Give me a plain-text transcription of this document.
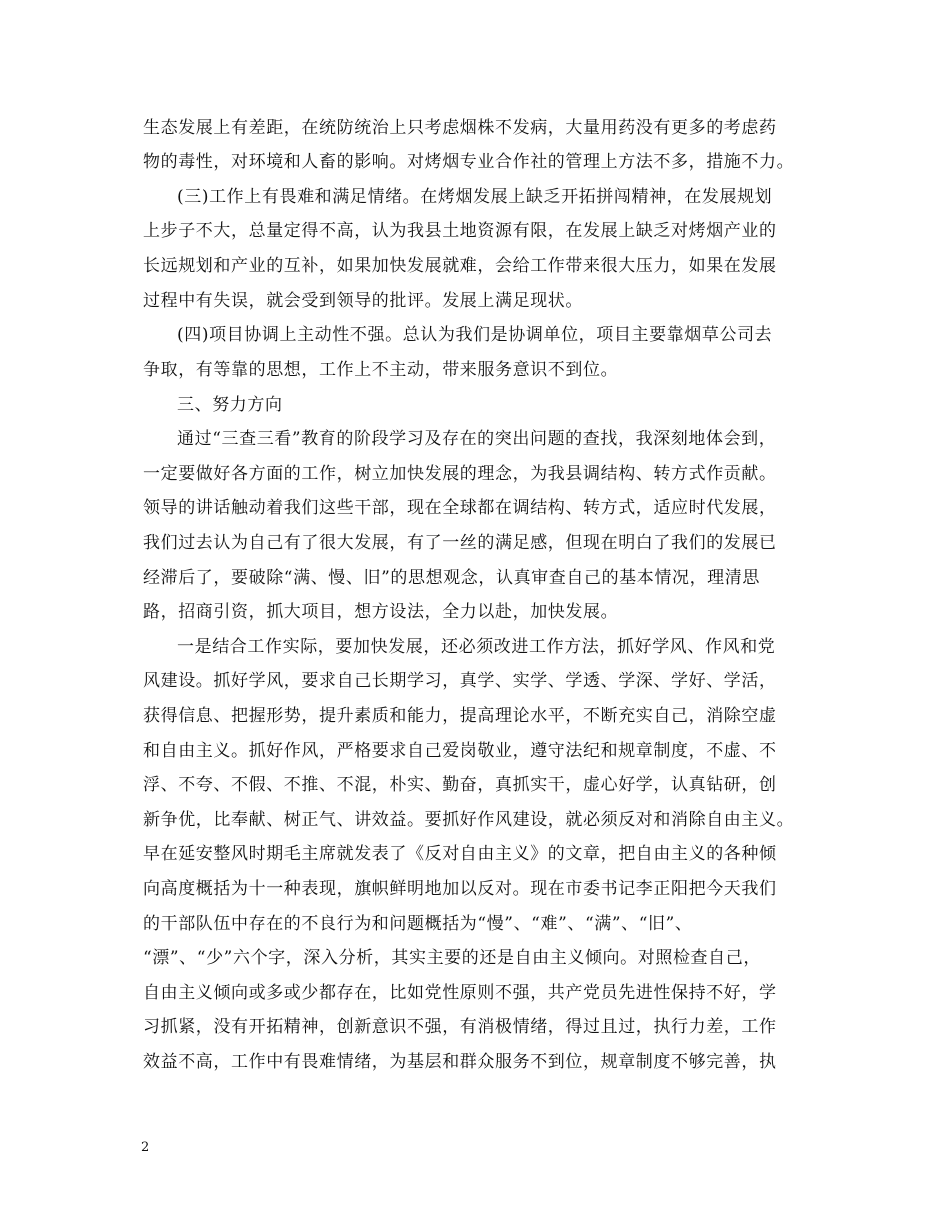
生态发展上有差距，在统防统治上只考虑烟株不发病，大量用药没有更多的考虑药
物的毒性，对环境和人畜的影响。对烤烟专业合作社的管理上方法不多，措施不力。
(三)工作上有畏难和满足情绪。在烤烟发展上缺乏开拓拼闯精神，在发展规划
上步子不大，总量定得不高，认为我县土地资源有限，在发展上缺乏对烤烟产业的
长远规划和产业的互补，如果加快发展就难，会给工作带来很大压力，如果在发展
过程中有失误，就会受到领导的批评。发展上满足现状。
(四)项目协调上主动性不强。总认为我们是协调单位，项目主要靠烟草公司去
争取，有等靠的思想，工作上不主动，带来服务意识不到位。
三、努力方向
通过“三查三看”教育的阶段学习及存在的突出问题的查找，我深刻地体会到，
一定要做好各方面的工作，树立加快发展的理念，为我县调结构、转方式作贡献。
领导的讲话触动着我们这些干部，现在全球都在调结构、转方式，适应时代发展，
我们过去认为自己有了很大发展，有了一丝的满足感，但现在明白了我们的发展已
经滞后了，要破除“满、慢、旧”的思想观念，认真审查自己的基本情况，理清思
路，招商引资，抓大项目，想方设法，全力以赴，加快发展。
一是结合工作实际，要加快发展，还必须改进工作方法，抓好学风、作风和党
风建设。抓好学风，要求自己长期学习，真学、实学、学透、学深、学好、学活，
获得信息、把握形势，提升素质和能力，提高理论水平，不断充实自己，消除空虚
和自由主义。抓好作风，严格要求自己爱岗敬业，遵守法纪和规章制度，不虚、不
浮、不夸、不假、不推、不混，朴实、勤奋，真抓实干，虚心好学，认真钻研，创
新争优，比奉献、树正气、讲效益。要抓好作风建设，就必须反对和消除自由主义。
早在延安整风时期毛主席就发表了《反对自由主义》的文章，把自由主义的各种倾
向高度概括为十一种表现，旗帜鲜明地加以反对。现在市委书记李正阳把今天我们
的干部队伍中存在的不良行为和问题概括为“慢”、“难”、“满”、“旧”、
“漂”、“少”六个字，深入分析，其实主要的还是自由主义倾向。对照检查自己，
自由主义倾向或多或少都存在，比如党性原则不强，共产党员先进性保持不好，学
习抓紧，没有开拓精神，创新意识不强，有消极情绪，得过且过，执行力差，工作
效益不高，工作中有畏难情绪，为基层和群众服务不到位，规章制度不够完善，执
2
